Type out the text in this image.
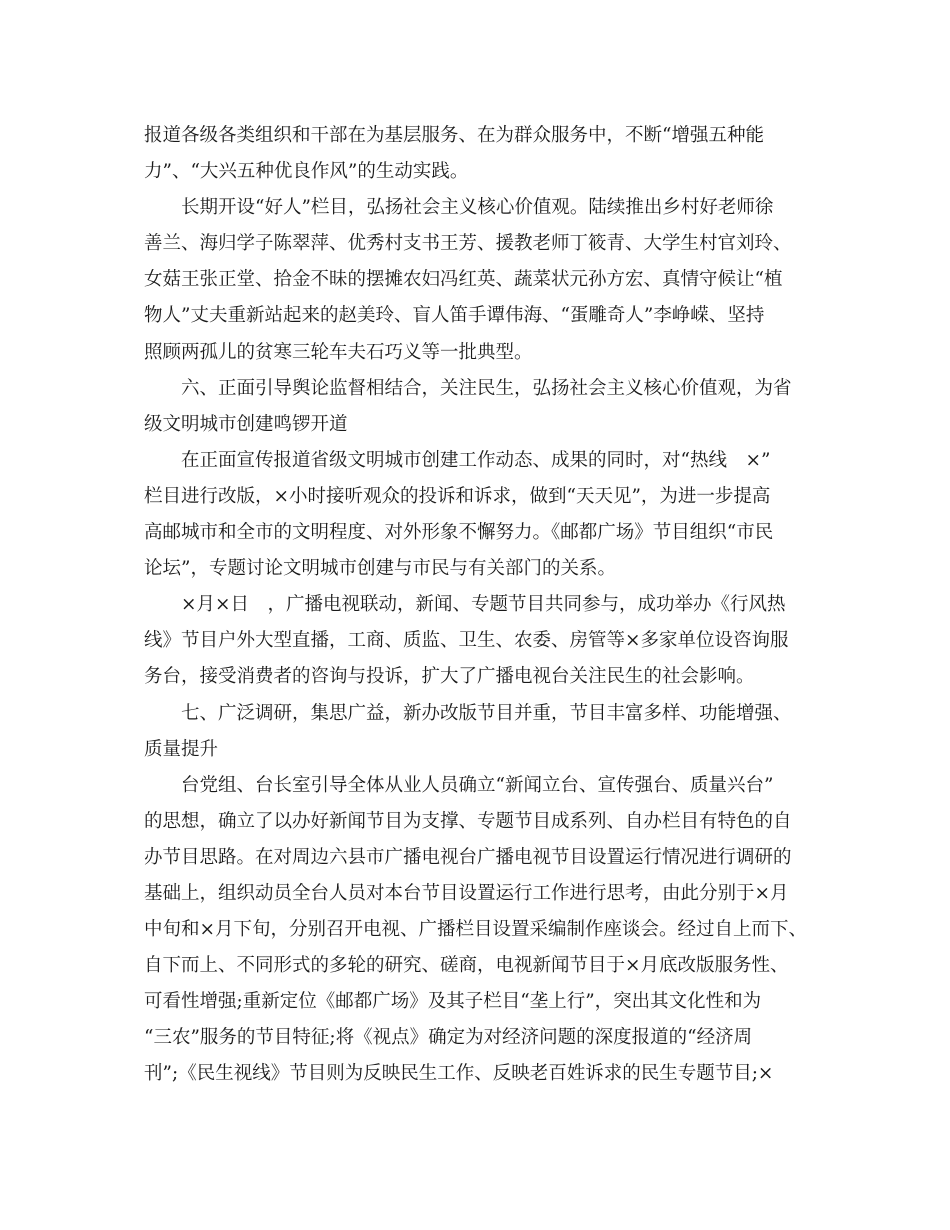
报道各级各类组织和干部在为基层服务、在为群众服务中，不断“增强五种能
力”、“大兴五种优良作风”的生动实践。
长期开设“好人”栏目，弘扬社会主义核心价值观。陆续推出乡村好老师徐
善兰、海归学子陈翠萍、优秀村支书王芳、援教老师丁筱青、大学生村官刘玲、
女菇王张正堂、拾金不昧的摆摊农妇冯红英、蔬菜状元孙方宏、真情守候让“植
物人”丈夫重新站起来的赵美玲、盲人笛手谭伟海、“蛋雕奇人”李峥嵘、坚持
照顾两孤儿的贫寒三轮车夫石巧义等一批典型。
六、正面引导舆论监督相结合，关注民生，弘扬社会主义核心价值观，为省
级文明城市创建鸣锣开道
在正面宣传报道省级文明城市创建工作动态、成果的同时，对“热线　×”
栏目进行改版，×小时接听观众的投诉和诉求，做到“天天见”，为进一步提高
高邮城市和全市的文明程度、对外形象不懈努力。《邮都广场》节目组织“市民
论坛”，专题讨论文明城市创建与市民与有关部门的关系。
×月×日　，广播电视联动，新闻、专题节目共同参与，成功举办《行风热
线》节目户外大型直播，工商、质监、卫生、农委、房管等×多家单位设咨询服
务台，接受消费者的咨询与投诉，扩大了广播电视台关注民生的社会影响。
七、广泛调研，集思广益，新办改版节目并重，节目丰富多样、功能增强、
质量提升
台党组、台长室引导全体从业人员确立“新闻立台、宣传强台、质量兴台”
的思想，确立了以办好新闻节目为支撑、专题节目成系列、自办栏目有特色的自
办节目思路。在对周边六县市广播电视台广播电视节目设置运行情况进行调研的
基础上，组织动员全台人员对本台节目设置运行工作进行思考，由此分别于×月
中旬和×月下旬，分别召开电视、广播栏目设置采编制作座谈会。经过自上而下、
自下而上、不同形式的多轮的研究、磋商，电视新闻节目于×月底改版服务性、
可看性增强;重新定位《邮都广场》及其子栏目“垄上行”，突出其文化性和为
“三农”服务的节目特征;将《视点》确定为对经济问题的深度报道的“经济周
刊”;《民生视线》节目则为反映民生工作、反映老百姓诉求的民生专题节目;×
